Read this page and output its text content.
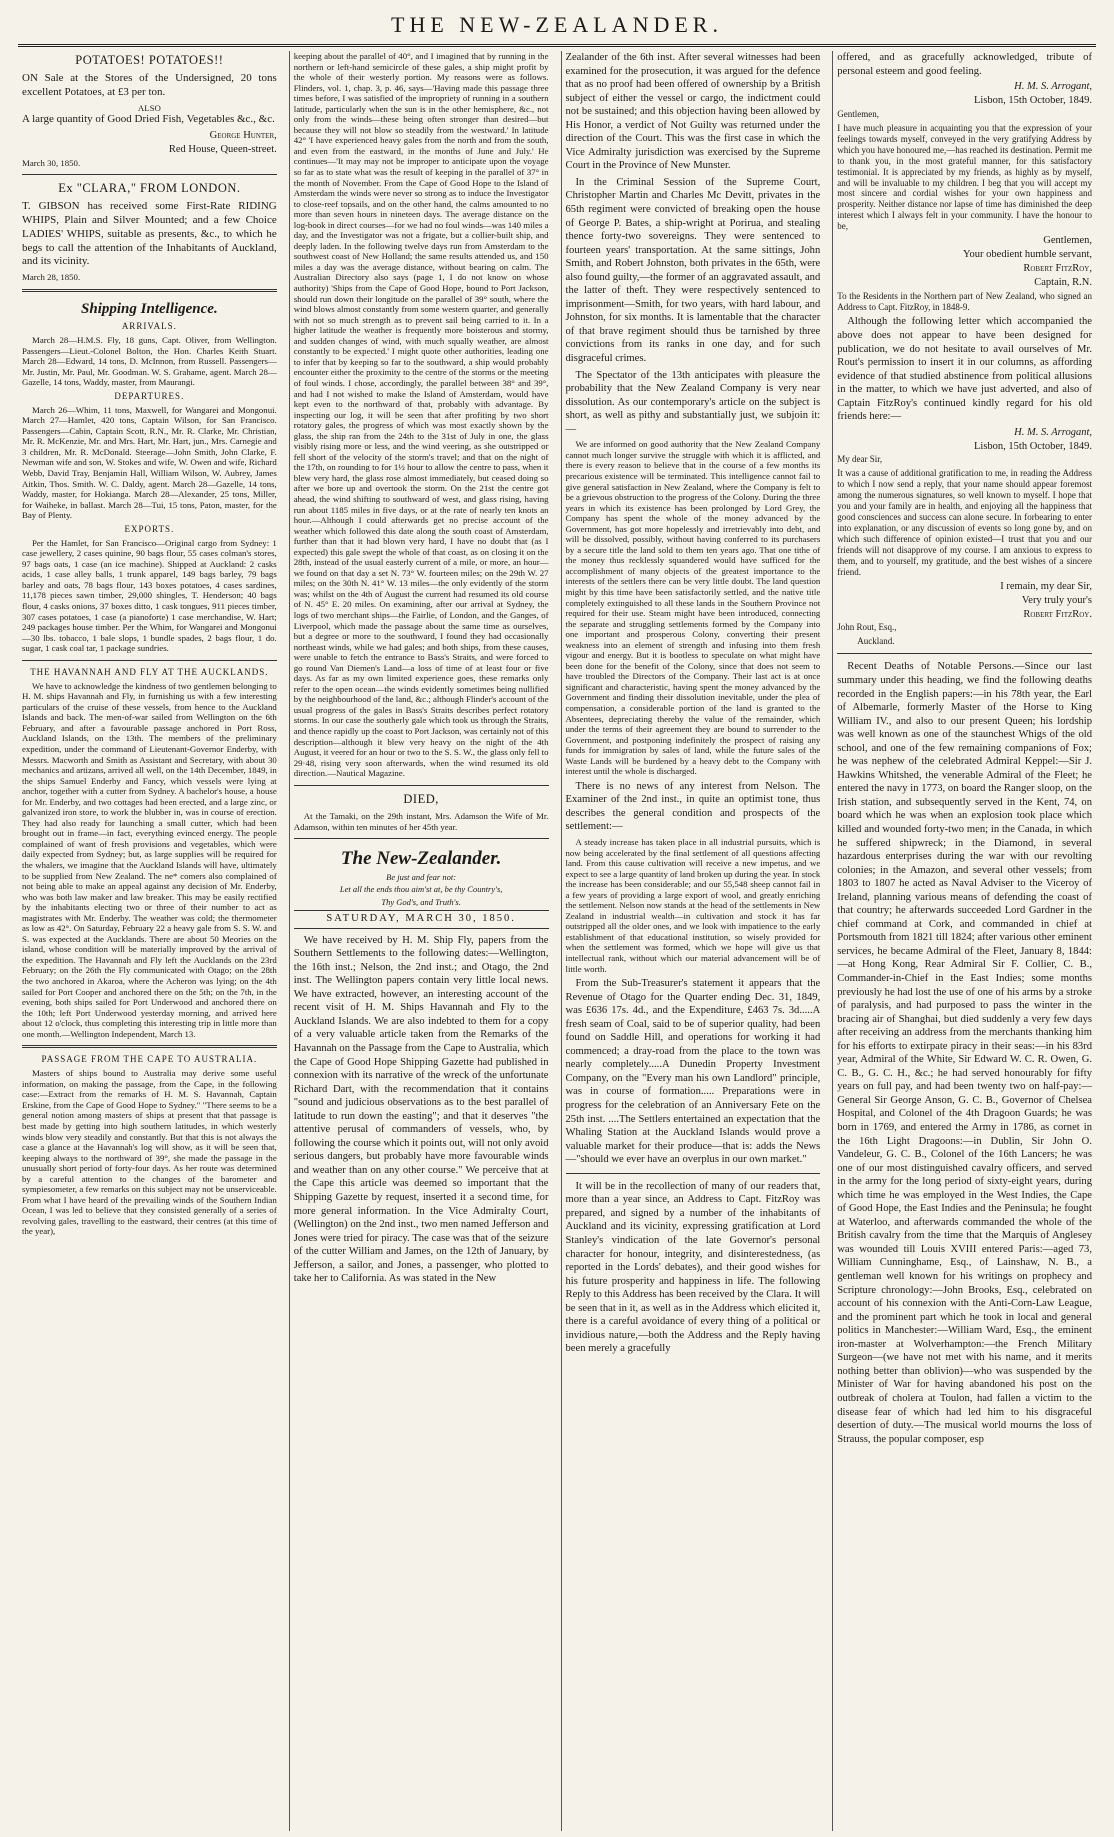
THE NEW-ZEALANDER.
POTATOES! POTATOES!!

ON Sale at the Stores of the Undersigned, 20 tons excellent Potatoes, at £3 per ton.

ALSO

A large quantity of Good Dried Fish, Vegetables &c., &c.

George Hunter,
Red House, Queen-street.
March 30, 1850.
Ex "CLARA," FROM LONDON.

T. GIBSON has received some First-Rate RIDING WHIPS, Plain and Silver Mounted; and a few Choice LADIES' WHIPS, suitable as presents, &c., to which he begs to call the attention of the Inhabitants of Auckland, and its vicinity.

March 28, 1850.
Shipping Intelligence.
ARRIVALS.

March 28—H.M.S. Fly, 18 guns, Capt. Oliver, from Wellington. Passengers—Lieut.-Colonel Bolton, the Hon. Charles Keith Stuart. March 28—Edward, 14 tons, D. McInnon, from Russell. Passengers—Mr. Justin, Mr. Paul, Mr. Goodman. W. S. Grahame, agent. March 28—Gazelle, 14 tons, Waddy, master, from Maurangi.

DEPARTURES.

March 26—Whim, 11 tons, Maxwell, for Wangarei and Mongonui. March 27—Hamlet, 420 tons, Captain Wilson, for San Francisco. Passengers—Cabin, Captain Scott, R.N., Mr. R. Clarke, Mr. Christian, Mr. R. McKenzie, Mr. and Mrs. Hart, Mr. Hart, jun., Mrs. Carnegie and 3 children, Mr. R. McDonald. Steerage—John Smith, John Clarke, F. Newman wife and son, W. Stokes and wife, W. Owen and wife, Richard Webb, David Tray, Benjamin Hall, William Wilson, W. Aubrey, James Aitkin, Thos. Smith. W. C. Daldy, agent. March 28—Gazelle, 14 tons, Waddy, master, for Hokianga. March 28—Alexander, 25 tons, Miller, for Waiheke, in ballast. March 28—Tui, 15 tons, Paton, master, for the Bay of Plenty.

EXPORTS.

Per the Hamlet, for San Francisco—Original cargo from Sydney: 1 case jewellery, 2 cases quinine, 90 bags flour, 55 cases colman's stores, 97 bags oats, 1 case (an ice machine). Shipped at Auckland: 2 casks acids, 1 case alley balls, 1 trunk apparel, 149 bags barley, 79 bags barley and oats, 78 bags flour, 143 boxes potatoes, 4 cases sardines, 11,178 pieces sawn timber, 29,000 shingles, T. Henderson; 40 bags flour, 4 casks onions, 37 boxes ditto, 1 cask tongues, 911 pieces timber, 307 cases potatoes, 1 case (a pianoforte) 1 case merchandise, W. Hart; 249 packages house timber. Per the Whim, for Wangarei and Mongonui—30 lbs. tobacco, 1 bale slops, 1 bundle spades, 2 bags flour, 1 do. sugar, 1 cask coal tar, 1 package sundries.

THE HAVANNAH AND FLY AT THE AUCKLANDS.

We have to acknowledge the kindness of two gentlemen belonging to H. M. ships Havannah and Fly, in furnishing us with a few interesting particulars of the cruise of these vessels, from hence to the Auckland Islands and back. The men-of-war sailed from Wellington on the 6th February, and after a favourable passage anchored in Port Ross, Auckland Islands, on the 13th. The members of the preliminary expedition, under the command of Lieutenant-Governor Enderby, with Messrs. Macworth and Smith as Assistant and Secretary, with about 30 mechanics and artizans, arrived all well, on the 14th December, 1849, in the ships Samuel Enderby and Fancy, which vessels were lying at anchor, together with a cutter from Sydney. A bachelor's house, a house for Mr. Enderby, and two cottages had been erected, and a large zinc, or galvanized iron store, to work the blubber in, was in course of erection. They had also ready for launching a small cutter, which had been brought out in frame—in fact, everything evinced energy. The people complained of want of fresh provisions and vegetables, which were daily expected from Sydney; but, as large supplies will be required for the whalers, we imagine that the Auckland Islands will have, ultimately to be supplied from New Zealand. The ne* comers also complained of not being able to make an appeal against any decision of Mr. Enderby, who was both law maker and law breaker. This may be easily rectified by the inhabitants electing two or three of their number to act as magistrates with Mr. Enderby. The weather was cold; the thermometer as low as 42°. On Saturday, February 22 a heavy gale from S. S. W. and S. was expected at the Aucklands. There are about 50 Meories on the island, whose condition will be materially improved by the arrival of the expedition. The Havannah and Fly left the Aucklands on the 23rd February; on the 26th the Fly communicated with Otago; on the 28th the two anchored in Akaroa, where the Acheron was lying; on the 4th sailed for Port Cooper and anchored there on the 5th; on the 7th, in the evening, both ships sailed for Port Underwood and anchored there on the 10th; left Port Underwood yesterday morning, and arrived here about 12 o'clock, thus completing this interesting trip in little more than one month.—Wellington Independent, March 13.

PASSAGE FROM THE CAPE TO AUSTRALIA.

Masters of ships bound to Australia may derive some useful information, on making the passage, from the Cape, in the following case:—Extract from the remarks of H. M. S. Havannah, Captain Erskine, from the Cape of Good Hope to Sydney." "There seems to be a general notion among masters of ships at present that that passage is best made by getting into high southern latitudes, in which westerly winds blow very steadily and constantly. But that this is not always the case a glance at the Havannah's log will show, as it will be seen that, keeping always to the northward of 39°, she made the passage in the unusually short period of forty-four days. As her route was determined by a careful attention to the changes of the barometer and sympiesometer, a few remarks on this subject may not be unserviceable. From what I have heard of the prevailing winds of the Southern Indian Ocean, I was led to believe that they consisted generally of a series of revolving gales, travelling to the eastward, their centres (at this time of the year),

keeping about the parallel of 40°, and I imagined that by running in the northern or left-hand semicircle of these gales, a ship might profit by the whole of their westerly portion. My reasons were as follows. Flinders, vol. 1, chap. 3, p. 46, says—'Having made this passage three times before, I was satisfied of the impropriety of running in a southern latitude, particularly when the sun is in the other hemisphere, &c., not only from the winds—these being often stronger than desired—but because they will not blow so steadily from the westward.' In latitude 42° 'I have experienced heavy gales from the north and from the south, and even from the eastward, in the months of June and July.' He continues—'It may may not be improper to anticipate upon the voyage so far as to state what was the result of keeping in the parallel of 37° in the month of November. From the Cape of Good Hope to the Island of Amsterdam the winds were never so strong as to induce the Investigator to close-reef topsails, and on the other hand, the calms amounted to no more than seven hours in nineteen days. The average distance on the log-book in direct courses—for we had no foul winds—was 140 miles a day, and the Investigator was not a frigate, but a collier-built ship, and deeply laden. In the following twelve days run from Amsterdam to the southwest coast of New Holland; the same results attended us, and 150 miles a day was the average distance, without bearing on calm. The Australian Directory also says (page 1, I do not know on whose authority) 'Ships from the Cape of Good Hope, bound to Port Jackson, should run down their longitude on the parallel of 39° south, where the wind blows almost constantly from some western quarter, and generally with not so much strength as to prevent sail being carried to it. In a higher latitude the weather is frequently more boisterous and stormy, and sudden changes of wind, with much squally weather, are almost constantly to be expected.' I might quote other authorities, leading one to infer that by keeping so far to the southward, a ship would probably encounter either the proximity to the centre of the storms or the meeting of foul winds. I chose, accordingly, the parallel between 38° and 39°, and had I not wished to make the Island of Amsterdam, would have kept even to the northward of that, probably with advantage. By inspecting our log, it will be seen that after profiting by two short rotatory gales, the progress of which was most exactly shown by the glass, the ship ran from the 24th to the 31st of July in one, the glass visibly rising more or less, and the wind veering, as she outstripped or fell short of the velocity of the storm's travel; and that on the night of the 17th, on rounding to for 1½ hour to allow the centre to pass, when it blew very hard, the glass rose almost immediately, but ceased doing so after we bore up and overtook the storm. On the 21st the centre got ahead, the wind shifting to southward of west, and glass rising, having run about 1185 miles in five days, or at the rate of nearly ten knots an hour.—Although I could afterwards get no precise account of the weather which followed this date along the south coast of Amsterdam, further than that it had blown very hard, I have no doubt that (as I expected) this gale swept the whole of that coast, as on closing it on the 28th, instead of the usual easterly current of a mile, or more, an hour—we found on that day a set N. 73° W. fourteen miles; on the 29th W. 27 miles; on the 30th N. 41° W. 13 miles—the only evidently of the storm was; whilst on the 4th of August the current had resumed its old course of N. 45° E. 20 miles. On examining, after our arrival at Sydney, the logs of two merchant ships—the Fairlie, of London, and the Ganges, of Liverpool, which made the passage about the same time as ourselves, but a degree or more to the southward, I found they had occasionally northeast winds, while we had gales; and both ships, from these causes, were unable to fetch the entrance to Bass's Straits, and were forced to go round Van Diemen's Land—a loss of time of at least four or five days. As far as my own limited experience goes, these remarks only refer to the open ocean—the winds evidently sometimes being nullified by the neighbourhood of the land, &c.; although Flinder's account of the usual progress of the gales in Bass's Straits describes perfect rotatory storms. In our case the southerly gale which took us through the Straits, and thence rapidly up the coast to Port Jackson, was certainly not of this description—although it blew very heavy on the night of the 4th August, it veered for an hour or two to the S. S. W., the glass only fell to 29·48, rising very soon afterwards, when the wind resumed its old direction.—Nautical Magazine.

DIED,

At the Tamaki, on the 29th instant, Mrs. Adamson the Wife of Mr. Adamson, within ten minutes of her 45th year.

The New-Zealander.
Be just and fear not:
Let all the ends thou aim'st at, be thy Country's,
Thy God's, and Truth's.
SATURDAY, MARCH 30, 1850.

We have received by H. M. Ship Fly, papers from the Southern Settlements to the following dates:—Wellington, the 16th inst.; Nelson, the 2nd inst.; and Otago, the 2nd inst. The Wellington papers contain very little local news. We have extracted, however, an interesting account of the recent visit of H. M. Ships Havannah and Fly to the Auckland Islands. We are also indebted to them for a copy of a very valuable article taken from the Remarks of the Havannah on the Passage from the Cape to Australia, which the Cape of Good Hope Shipping Gazette had published in connexion with its narrative of the wreck of the unfortunate Richard Dart, with the recommendation that it contains "sound and judicious observations as to the best parallel of latitude to run down the easting"; and that it deserves "the attentive perusal of commanders of vessels, who, by following the course which it points out, will not only avoid serious dangers, but probably have more favourable winds and weather than on any other course." We perceive that at the Cape this article was deemed so important that the Shipping Gazette by request, inserted it a second time, for more general information. In the Vice Admiralty Court, (Wellington) on the 2nd inst., two men named Jefferson and Jones were tried for piracy. The case was that of the seizure of the cutter William and James, on the 12th of January, by Jefferson, a sailor, and Jones, a passenger, who plotted to take her to California. As was stated in the New

Zealander of the 6th inst. After several witnesses had been examined for the prosecution, it was argued for the defence that as no proof had been offered of ownership by a British subject of either the vessel or cargo, the indictment could not be sustained; and this objection having been allowed by His Honor, a verdict of Not Guilty was returned under the direction of the Court. This was the first case in which the Vice Admiralty jurisdiction was exercised by the Supreme Court in the Province of New Munster.

In the Criminal Session of the Supreme Court, Christopher Martin and Charles Mc Devitt, privates in the 65th regiment were convicted of breaking open the house of George P. Bates, a ship-wright at Porirua, and stealing thence forty-two sovereigns. They were sentenced to fourteen years' transportation. At the same sittings, John Smith, and Robert Johnston, both privates in the 65th, were also found guilty,—the former of an aggravated assault, and the latter of theft. They were respectively sentenced to imprisonment—Smith, for two years, with hard labour, and Johnston, for six months. It is lamentable that the character of that brave regiment should thus be tarnished by three convictions from its ranks in one day, and for such disgraceful crimes.

The Spectator of the 13th anticipates with pleasure the probability that the New Zealand Company is very near dissolution. As our contemporary's article on the subject is short, as well as pithy and substantially just, we subjoin it:—

We are informed on good authority that the New Zealand Company cannot much longer survive the struggle with which it is afflicted, and there is every reason to believe that in the course of a few months its precarious existence will be terminated. This intelligence cannot fail to give general satisfaction in New Zealand, where the Company is felt to be a grievous obstruction to the progress of the Colony. During the three years in which its existence has been prolonged by Lord Grey, the Company has spent the whole of the money advanced by the Government, has got more hopelessly and irretrievably into debt, and will be dissolved, possibly, without having conferred to its purchasers by a secure title the land sold to them ten years ago. That one tithe of the money thus recklessly squandered would have sufficed for the accomplishment of many objects of the greatest importance to the interests of the settlers there can be very little doubt. The land question might by this time have been satisfactorily settled, and the native title completely extinguished to all these lands in the Southern Province not required for their use. Steam might have been introduced, connecting the separate and struggling settlements formed by the Company into one important and prosperous Colony, converting their present weakness into an element of strength and infusing into them fresh vigour and energy. But it is bootless to speculate on what might have been done for the benefit of the Colony, since that does not seem to have troubled the Directors of the Company. Their last act is at once significant and characteristic, having spent the money advanced by the Government and finding their dissolution inevitable, under the plea of compensation, a considerable portion of the land is granted to the Absentees, depreciating thereby the value of the remainder, which under the terms of their agreement they are bound to surrender to the Government, and postponing indefinitely the prospect of raising any funds for immigration by sales of land, while the future sales of the Waste Lands will be burdened by a heavy debt to the Company with interest until the whole is discharged.

There is no news of any interest from Nelson. The Examiner of the 2nd inst., in quite an optimist tone, thus describes the general condition and prospects of the settlement:—

A steady increase has taken place in all industrial pursuits, which is now being accelerated by the final settlement of all questions affecting land. From this cause cultivation will receive a new impetus, and we expect to see a large quantity of land broken up during the year. In stock the increase has been considerable; and our 55,548 sheep cannot fail in a few years of providing a large export of wool, and greatly enriching the settlement. Nelson now stands at the head of the settlements in New Zealand in industrial wealth—in cultivation and stock it has far outstripped all the older ones, and we look with impatience to the early establishment of that educational institution, so wisely provided for when the settlement was formed, which we hope will give us that intellectual rank, without which our material advancement will be of little worth.

From the Sub-Treasurer's statement it appears that the Revenue of Otago for the Quarter ending Dec. 31, 1849, was £636 17s. 4d., and the Expenditure, £463 7s. 3d.....A fresh seam of Coal, said to be of superior quality, had been found on Saddle Hill, and operations for working it had commenced; a dray-road from the place to the town was nearly completely.....A Dunedin Property Investment Company, on the "Every man his own Landlord" principle, was in course of formation..... Preparations were in progress for the celebration of an Anniversary Fete on the 25th inst. ....The Settlers entertained an expectation that the Whaling Station at the Auckland Islands would prove a valuable market for their produce—that is: adds the News—"should we ever have an overplus in our own market."

It will be in the recollection of many of our readers that, more than a year since, an Address to Capt. FitzRoy was prepared, and signed by a number of the inhabitants of Auckland and its vicinity, expressing gratification at Lord Stanley's vindication of the late Governor's personal character for honour, integrity, and disinterestedness, (as reported in the Lords' debates), and their good wishes for his future prosperity and happiness in life. The following Reply to this Address has been received by the Clara. It will be seen that in it, as well as in the Address which elicited it, there is a careful avoidance of every thing of a political or invidious nature,—both the Address and the Reply having been merely a gracefully

offered, and as gracefully acknowledged, tribute of personal esteem and good feeling.

H. M. S. Arrogant,
Lisbon, 15th October, 1849.

Gentlemen,

I have much pleasure in acquainting you that the expression of your feelings towards myself, conveyed in the very gratifying Address by which you have honoured me,—has reached its destination. Permit me to thank you, in the most grateful manner, for this satisfactory testimonial. It is appreciated by my friends, as highly as by myself, and will be invaluable to my children. I beg that you will accept my most sincere and cordial wishes for your own happiness and prosperity. Neither distance nor lapse of time has diminished the deep interest which I always felt in your community. I have the honour to be,

Gentlemen,
Your obedient humble servant,
Robert FitzRoy,
Captain, R.N.

To the Residents in the Northern part of New Zealand, who signed an Address to Capt. FitzRoy, in 1848-9.

Although the following letter which accompanied the above does not appear to have been designed for publication, we do not hesitate to avail ourselves of Mr. Rout's permission to insert it in our columns, as affording evidence of that studied abstinence from political allusions in the matter, to which we have just adverted, and also of Captain FitzRoy's continued kindly regard for his old friends here:—

H. M. S. Arrogant,
Lisbon, 15th October, 1849.

My dear Sir,

It was a cause of additional gratification to me, in reading the Address to which I now send a reply, that your name should appear foremost among the numerous signatures, so well known to myself. I hope that you and your family are in health, and enjoying all the happiness that good consciences and success can alone secure. In forbearing to enter into explanation, or any discussion of events so long gone by, and on which such difference of opinion existed—I trust that you and our friends will not disapprove of my course. I am anxious to express to them, and to yourself, my gratitude, and the best wishes of a sincere friend.

I remain, my dear Sir,
Very truly your's
Robert FitzRoy.

John Rout, Esq.,

Auckland.

Recent Deaths of Notable Persons.—Since our last summary under this heading, we find the following deaths recorded in the English papers:—in his 78th year, the Earl of Albemarle, formerly Master of the Horse to King William IV., and also to our present Queen; his lordship was well known as one of the staunchest Whigs of the old school, and one of the few remaining companions of Fox; he was nephew of the celebrated Admiral Keppel:—Sir J. Hawkins Whitshed, the venerable Admiral of the Fleet; he entered the navy in 1773, on board the Ranger sloop, on the Irish station, and subsequently served in the Kent, 74, on board which he was when an explosion took place which killed and wounded forty-two men; in the Canada, in which he suffered shipwreck; in the Diamond, in several hazardous enterprises during the war with our revolting colonies; in the Amazon, and several other vessels; from 1803 to 1807 he acted as Naval Adviser to the Viceroy of Ireland, planning various means of defending the coast of that country; he afterwards succeeded Lord Gardner in the chief command at Cork, and commanded in chief at Portsmouth from 1821 till 1824; after various other eminent services, he became Admiral of the Fleet, January 8, 1844:—at Hong Kong, Rear Admiral Sir F. Collier, C. B., Commander-in-Chief in the East Indies; some months previously he had lost the use of one of his arms by a stroke of paralysis, and had purposed to pass the winter in the bracing air of Shanghai, but died suddenly a very few days after receiving an address from the merchants thanking him for his efforts to extirpate piracy in their seas:—in his 83rd year, Admiral of the White, Sir Edward W. C. R. Owen, G. C. B., G. C. H., &c.; he had served honourably for fifty years on full pay, and had been twenty two on half-pay:—General Sir George Anson, G. C. B., Governor of Chelsea Hospital, and Colonel of the 4th Dragoon Guards; he was born in 1769, and entered the Army in 1786, as cornet in the 16th Light Dragoons:—in Dublin, Sir John O. Vandeleur, G. C. B., Colonel of the 16th Lancers; he was one of our most distinguished cavalry officers, and served in the army for the long period of sixty-eight years, during which time he was employed in the West Indies, the Cape of Good Hope, the East Indies and the Peninsula; he fought at Waterloo, and afterwards commanded the whole of the British cavalry from the time that the Marquis of Anglesey was wounded till Louis XVIII entered Paris:—aged 73, William Cunninghame, Esq., of Lainshaw, N. B., a gentleman well known for his writings on prophecy and Scripture chronology:—John Brooks, Esq., celebrated on account of his connexion with the Anti-Corn-Law League, and the prominent part which he took in local and general politics in Manchester:—William Ward, Esq., the eminent iron-master at Wolverhampton:—the French Military Surgeon—(we have not met with his name, and it merits nothing better than oblivion)—who was suspended by the Minister of War for having abandoned his post on the outbreak of cholera at Toulon, had fallen a victim to the disease fear of which had led him to his disgraceful desertion of duty.—The musical world mourns the loss of Strauss, the popular composer, esp
